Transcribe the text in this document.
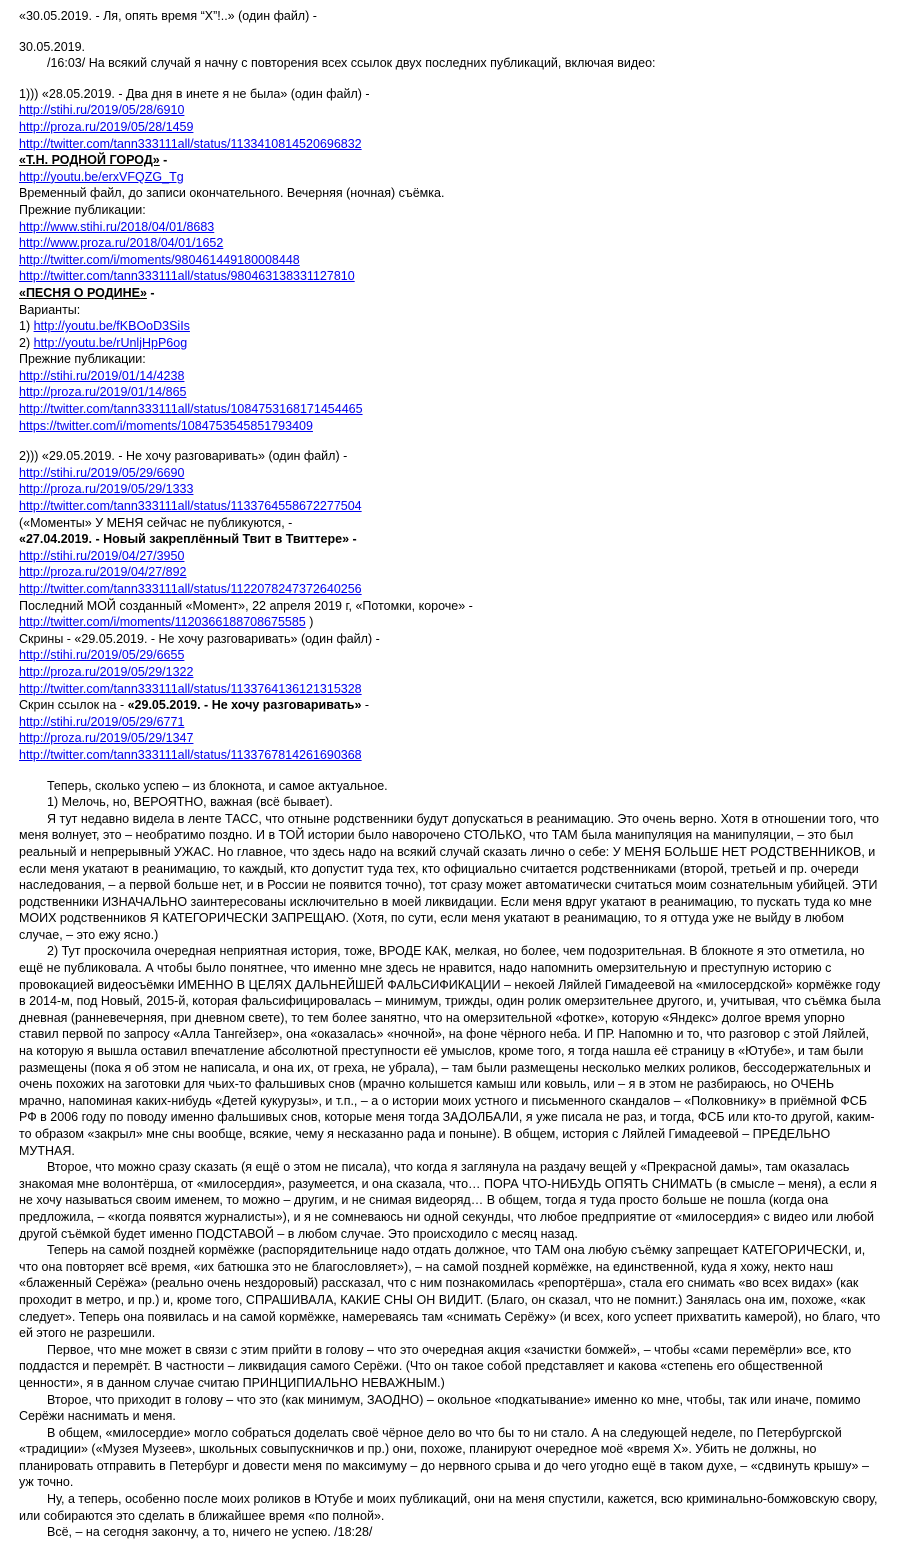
«30.05.2019. - Ля, опять время “Х”!..» (один файл) -
30.05.2019.
/16:03/ На всякий случай я начну с повторения всех ссылок двух последних публикаций, включая видео:
1))) «28.05.2019. - Два дня в инете я не была» (один файл) -
http://stihi.ru/2019/05/28/6910
http://proza.ru/2019/05/28/1459
http://twitter.com/tann333111all/status/1133410814520696832
«Т.Н. РОДНОЙ ГОРОД» -
http://youtu.be/erxVFQZG_Tg
Временный файл, до записи окончательного. Вечерняя (ночная) съёмка.
Прежние публикации:
http://www.stihi.ru/2018/04/01/8683
http://www.proza.ru/2018/04/01/1652
http://twitter.com/i/moments/980461449180008448
http://twitter.com/tann333111all/status/980463138331127810
«ПЕСНЯ О РОДИНЕ» -
Варианты:
1) http://youtu.be/fKBOoD3SiIs
2) http://youtu.be/rUnljHpP6og
Прежние публикации:
http://stihi.ru/2019/01/14/4238
http://proza.ru/2019/01/14/865
http://twitter.com/tann333111all/status/1084753168171454465
https://twitter.com/i/moments/1084753545851793409
2))) «29.05.2019. - Не хочу разговаривать» (один файл) -
http://stihi.ru/2019/05/29/6690
http://proza.ru/2019/05/29/1333
http://twitter.com/tann333111all/status/1133764558672277504
(«Моменты» У МЕНЯ сейчас не публикуются, -
«27.04.2019. - Новый закреплённый Твит в Твиттере» -
http://stihi.ru/2019/04/27/3950
http://proza.ru/2019/04/27/892
http://twitter.com/tann333111all/status/1122078247372640256
Последний МОЙ созданный «Момент», 22 апреля 2019 г, «Потомки, короче» -
http://twitter.com/i/moments/1120366188708675585 )
Скрины - «29.05.2019. - Не хочу разговаривать» (один файл) -
http://stihi.ru/2019/05/29/6655
http://proza.ru/2019/05/29/1322
http://twitter.com/tann333111all/status/1133764136121315328
Скрин ссылок на - «29.05.2019. - Не хочу разговаривать» -
http://stihi.ru/2019/05/29/6771
http://proza.ru/2019/05/29/1347
http://twitter.com/tann333111all/status/1133767814261690368
Теперь, сколько успею – из блокнота, и самое актуальное.
1) Мелочь, но, ВЕРОЯТНО, важная (всё бывает).

Я тут недавно видела в ленте ТАСС, что отныне родственники будут допускаться в реанимацию. Это очень верно. Хотя в отношении того, что меня волнует, это – необратимо поздно. И в ТОЙ истории было наворочено СТОЛЬКО, что ТАМ была манипуляция на манипуляции, – это был реальный и непрерывный УЖАС. Но главное, что здесь надо на всякий случай сказать лично о себе: У МЕНЯ БОЛЬШЕ НЕТ РОДСТВЕННИКОВ, и если меня укатают в реанимацию, то каждый, кто допустит туда тех, кто официально считается родственниками (второй, третьей и пр. очереди наследования, – а первой больше нет, и в России не появится точно), тот сразу может автоматически считаться моим сознательным убийцей. ЭТИ родственники ИЗНАЧАЛЬНО заинтересованы исключительно в моей ликвидации. Если меня вдруг укатают в реанимацию, то пускать туда ко мне МОИХ родственников Я КАТЕГОРИЧЕСКИ ЗАПРЕЩАЮ. (Хотя, по сути, если меня укатают в реанимацию, то я оттуда уже не выйду в любом случае, – это ежу ясно.)

2) Тут проскочила очередная неприятная история, тоже, ВРОДЕ КАК, мелкая, но более, чем подозрительная. В блокноте я это отметила, но ещё не публиковала. А чтобы было понятнее, что именно мне здесь не нравится, надо напомнить омерзительную и преступную историю с провокацией видеосъёмки ИМЕННО В ЦЕЛЯХ ДАЛЬНЕЙШЕЙ ФАЛЬСИФИКАЦИИ – некоей Ляйлей Гимадеевой на «милосердской» кормёжке году в 2014-м, под Новый, 2015-й, которая фальсифицировалась – минимум, трижды, один ролик омерзительнее другого, и, учитывая, что съёмка была дневная (ранневечерняя, при дневном свете), то тем более занятно, что на омерзительной «фотке», которую «Яндекс» долгое время упорно ставил первой по запросу «Алла Тангейзер», она «оказалась» «ночной», на фоне чёрного неба. И ПР. Напомню и то, что разговор с этой Ляйлей, на которую я вышла оставил впечатление абсолютной преступности её умыслов, кроме того, я тогда нашла её страницу в «Ютубе», и там были размещены (пока я об этом не написала, и она их, от греха, не убрала), – там были размещены несколько мелких роликов, бессодержательных и очень похожих на заготовки для чьих-то фальшивых снов (мрачно колышется камыш или ковыль, или – я в этом не разбираюсь, но ОЧЕНЬ мрачно, напоминая каких-нибудь «Детей кукурузы», и т.п., – а о истории моих устного и письменного скандалов – «Полковнику» в приёмной ФСБ РФ в 2006 году по поводу именно фальшивых снов, которые меня тогда ЗАДОЛБАЛИ, я уже писала не раз, и тогда, ФСБ или кто-то другой, каким-то образом «закрыл» мне сны вообще, всякие, чему я несказанно рада и поныне). В общем, история с Ляйлей Гимадеевой – ПРЕДЕЛЬНО МУТНАЯ.

Второе, что можно сразу сказать (я ещё о этом не писала), что когда я заглянула на раздачу вещей у «Прекрасной дамы», там оказалась знакомая мне волонтёрша, от «милосердия», разумеется, и она сказала, что… ПОРА ЧТО-НИБУДЬ ОПЯТЬ СНИМАТЬ (в смысле – меня), а если я не хочу называться своим именем, то можно – другим, и не снимая видеоряд… В общем, тогда я туда просто больше не пошла (когда она предложила, – «когда появятся журналисты»), и я не сомневаюсь ни одной секунды, что любое предприятие от «милосердия» с видео или любой другой съёмкой будет именно ПОДСТАВОЙ – в любом случае. Это происходило с месяц назад.

Теперь на самой поздней кормёжке (распорядительнице надо отдать должное, что ТАМ она любую съёмку запрещает КАТЕГОРИЧЕСКИ, и, что она повторяет всё время, «их батюшка это не благословляет»), – на самой поздней кормёжке, на единственной, куда я хожу, некто наш «блаженный Серёжа» (реально очень нездоровый) рассказал, что с ним познакомилась «репортёрша», стала его снимать «во всех видах» (как проходит в метро, и пр.) и, кроме того, СПРАШИВАЛА, КАКИЕ СНЫ ОН ВИДИТ. (Благо, он сказал, что не помнит.) Занялась она им, похоже, «как следует». Теперь она появилась и на самой кормёжке, намереваясь там «снимать Серёжу» (и всех, кого успеет прихватить камерой), но благо, что ей этого не разрешили.

Первое, что мне может в связи с этим прийти в голову – что это очередная акция «зачистки бомжей», – чтобы «сами перемёрли» все, кто поддастся и перемрёт. В частности – ликвидация самого Серёжи. (Что он такое собой представляет и какова «степень его общественной ценности», я в данном случае считаю ПРИНЦИПИАЛЬНО НЕВАЖНЫМ.)

Второе, что приходит в голову – что это (как минимум, ЗАОДНО) – окольное «подкатывание» именно ко мне, чтобы, так или иначе, помимо Серёжи наснимать и меня.

В общем, «милосердие» могло собраться доделать своё чёрное дело во что бы то ни стало. А на следующей неделе, по Петербургской «традиции» («Музея Музеев», школьных совыпускничков и пр.) они, похоже, планируют очередное моё «время Х». Убить не должны, но планировать отправить в Петербург и довести меня по максимуму – до нервного срыва и до чего угодно ещё в таком духе, – «сдвинуть крышу» – уж точно.

Ну, а теперь, особенно после моих роликов в Ютубе и моих публикаций, они на меня спустили, кажется, всю криминально-бомжовскую свору, или собираются это сделать в ближайшее время «по полной».

Всё, – на сегодня закончу, а то, ничего не успею. /18:28/
